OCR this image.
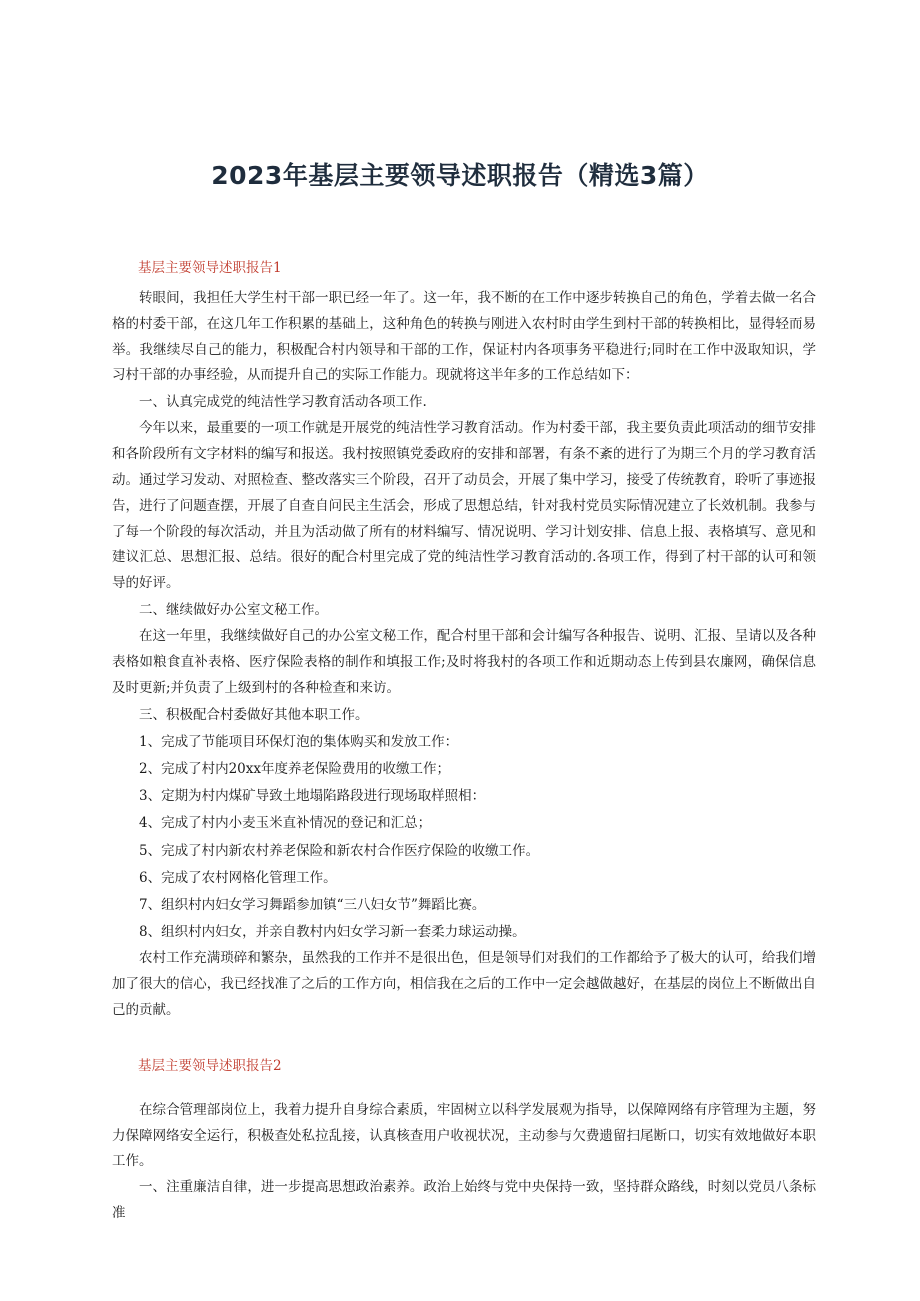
2023年基层主要领导述职报告（精选3篇）

基层主要领导述职报告1

转眼间，我担任大学生村干部一职已经一年了。这一年，我不断的在工作中逐步转换自己的角色，学着去做一名合格的村委干部，在这几年工作积累的基础上，这种角色的转换与刚进入农村时由学生到村干部的转换相比，显得轻而易举。我继续尽自己的能力，积极配合村内领导和干部的工作，保证村内各项事务平稳进行;同时在工作中汲取知识，学习村干部的办事经验，从而提升自己的实际工作能力。现就将这半年多的工作总结如下：

一、认真完成党的纯洁性学习教育活动各项工作.

今年以来，最重要的一项工作就是开展党的纯洁性学习教育活动。作为村委干部，我主要负责此项活动的细节安排和各阶段所有文字材料的编写和报送。我村按照镇党委政府的安排和部署，有条不紊的进行了为期三个月的学习教育活动。通过学习发动、对照检查、整改落实三个阶段，召开了动员会，开展了集中学习，接受了传统教育，聆听了事迹报告，进行了问题查摆，开展了自查自问民主生活会，形成了思想总结，针对我村党员实际情况建立了长效机制。我参与了每一个阶段的每次活动，并且为活动做了所有的材料编写、情况说明、学习计划安排、信息上报、表格填写、意见和建议汇总、思想汇报、总结。很好的配合村里完成了党的纯洁性学习教育活动的.各项工作，得到了村干部的认可和领导的好评。

二、继续做好办公室文秘工作。

在这一年里，我继续做好自己的办公室文秘工作，配合村里干部和会计编写各种报告、说明、汇报、呈请以及各种表格如粮食直补表格、医疗保险表格的制作和填报工作;及时将我村的各项工作和近期动态上传到县农廉网，确保信息及时更新;并负责了上级到村的各种检查和来访。

三、积极配合村委做好其他本职工作。

1、完成了节能项目环保灯泡的集体购买和发放工作：

2、完成了村内20xx年度养老保险费用的收缴工作；

3、定期为村内煤矿导致土地塌陷路段进行现场取样照相：

4、完成了村内小麦玉米直补情况的登记和汇总；

5、完成了村内新农村养老保险和新农村合作医疗保险的收缴工作。

6、完成了农村网格化管理工作。

7、组织村内妇女学习舞蹈参加镇“三八妇女节”舞蹈比赛。

8、组织村内妇女，并亲自教村内妇女学习新一套柔力球运动操。

农村工作充满琐碎和繁杂，虽然我的工作并不是很出色，但是领导们对我们的工作都给予了极大的认可，给我们增加了很大的信心，我已经找准了之后的工作方向，相信我在之后的工作中一定会越做越好，在基层的岗位上不断做出自己的贡献。

基层主要领导述职报告2

在综合管理部岗位上，我着力提升自身综合素质，牢固树立以科学发展观为指导，以保障网络有序管理为主题，努力保障网络安全运行，积极查处私拉乱接，认真核查用户收视状况，主动参与欠费遗留扫尾断口，切实有效地做好本职工作。

一、注重廉洁自律，进一步提高思想政治素养。政治上始终与党中央保持一致，坚持群众路线，时刻以党员八条标准
